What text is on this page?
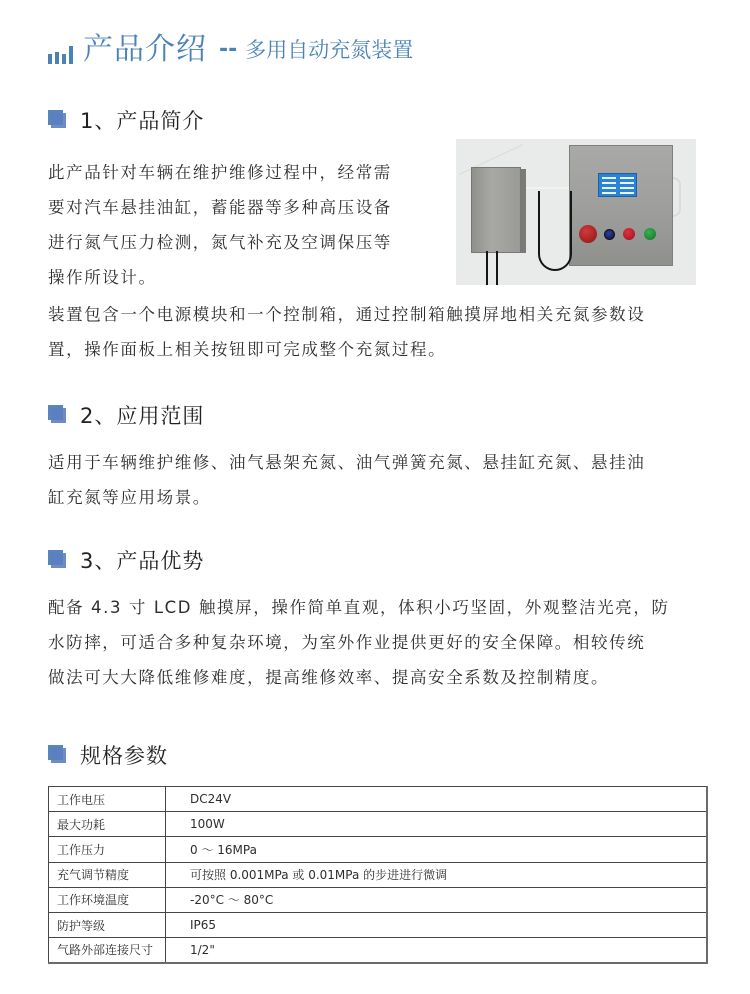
产品介绍 -- 多用自动充氮装置
1、产品简介
此产品针对车辆在维护维修过程中，经常需
要对汽车悬挂油缸，蓄能器等多种高压设备
进行氮气压力检测，氮气补充及空调保压等
操作所设计。
装置包含一个电源模块和一个控制箱，通过控制箱触摸屏地相关充氮参数设
置，操作面板上相关按钮即可完成整个充氮过程。
2、应用范围
适用于车辆维护维修、油气悬架充氮、油气弹簧充氮、悬挂缸充氮、悬挂油
缸充氮等应用场景。
3、产品优势
配备 4.3 寸 LCD 触摸屏，操作简单直观，体积小巧坚固，外观整洁光亮，防
水防摔，可适合多种复杂环境，为室外作业提供更好的安全保障。相较传统
做法可大大降低维修难度，提高维修效率、提高安全系数及控制精度。
规格参数
工作电压	DC24V
最大功耗	100W
工作压力	0 ～ 16MPa
充气调节精度	可按照 0.001MPa 或 0.01MPa 的步进进行微调
工作环境温度	-20°C ～ 80°C
防护等级	IP65
气路外部连接尺寸	1/2"
